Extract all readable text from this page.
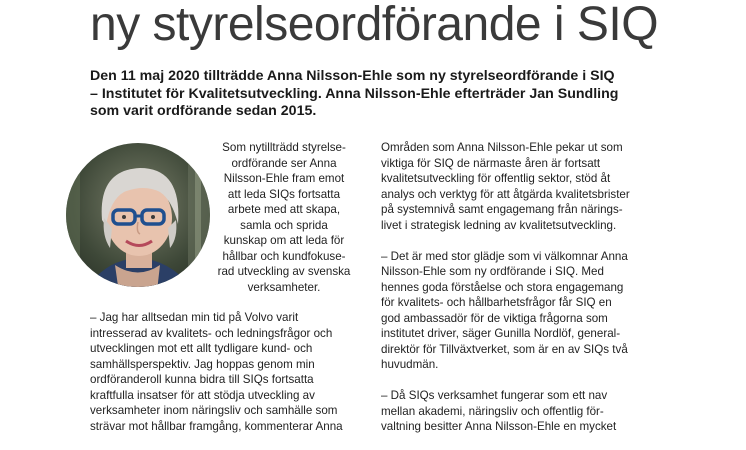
ny styrelseordförande i SIQ

Den 11 maj 2020 tillträdde Anna Nilsson-Ehle som ny styrelseordförande i SIQ

– Institutet för Kvalitetsutveckling. Anna Nilsson-Ehle efterträder Jan Sundling

som varit ordförande sedan 2015.

Som nytillträdd styrelse-
ordförande ser Anna
Nilsson-Ehle fram emot
att leda SIQs fortsatta
arbete med att skapa,
samla och sprida
kunskap om att leda för
hållbar och kundfokuse-
rad utveckling av svenska
verksamheter.
– Jag har alltsedan min tid på Volvo varit
intresserad av kvalitets- och ledningsfrågor och
utvecklingen mot ett allt tydligare kund- och
samhällsperspektiv. Jag hoppas genom min
ordföranderoll kunna bidra till SIQs fortsatta
kraftfulla insatser för att stödja utveckling av
verksamheter inom näringsliv och samhälle som
strävar mot hållbar framgång, kommenterar Anna

Områden som Anna Nilsson-Ehle pekar ut som
viktiga för SIQ de närmaste åren är fortsatt
kvalitetsutveckling för offentlig sektor, stöd åt
analys och verktyg för att åtgärda kvalitetsbrister
på systemnivå samt engagemang från närings-
livet i strategisk ledning av kvalitetsutveckling.

– Det är med stor glädje som vi välkomnar Anna
Nilsson-Ehle som ny ordförande i SIQ. Med
hennes goda förståelse och stora engagemang
för kvalitets- och hållbarhetsfrågor får SIQ en
god ambassadör för de viktiga frågorna som
institutet driver, säger Gunilla Nordlöf, general-
direktör för Tillväxtverket, som är en av SIQs två
huvudmän.

– Då SIQs verksamhet fungerar som ett nav
mellan akademi, näringsliv och offentlig för-
valtning besitter Anna Nilsson-Ehle en mycket
